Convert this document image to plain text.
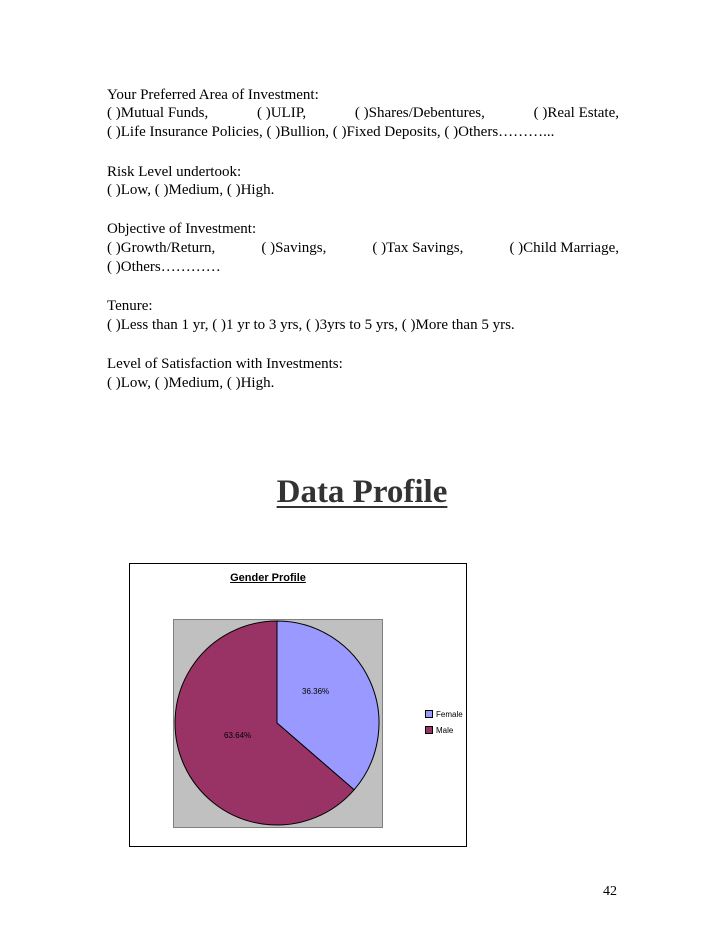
Your Preferred Area of Investment:
( )Mutual Funds,	( )ULIP,	( )Shares/Debentures,	( )Real Estate,
( )Life Insurance Policies, ( )Bullion, ( )Fixed Deposits, ( )Others………...
Risk Level undertook:
( )Low, ( )Medium, ( )High.
Objective of Investment:
( )Growth/Return,	( )Savings,	( )Tax Savings,	( )Child Marriage,
( )Others…………
Tenure:
( )Less than 1 yr, ( )1 yr to 3 yrs, ( )3yrs to 5 yrs, ( )More than 5 yrs.
Level of Satisfaction with Investments:
( )Low, ( )Medium, ( )High.
Data Profile
Gender Profile
36.36%
63.64%
Female
Male
42
